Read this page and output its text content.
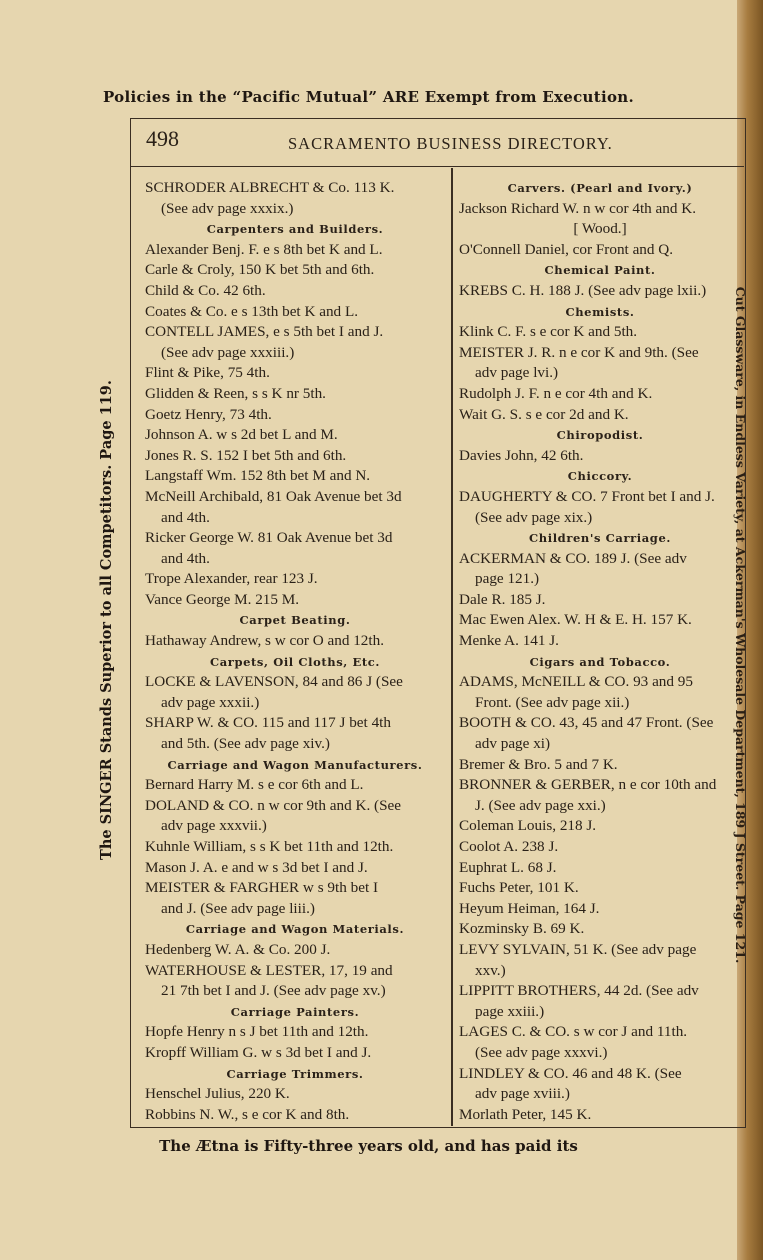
Policies in the “Pacific Mutual” ARE Exempt from Execution.
The SINGER Stands Superior to all Competitors. Page 119.	Cut Glassware, in Endless Variety, at Ackerman's Wholesale Department, 189 J Street. Page 121.
498	SACRAMENTO BUSINESS DIRECTORY.

SCHRODER ALBRECHT & Co. 113 K.

(See adv page xxxix.)

Carpenters and Builders.

Alexander Benj. F. e s 8th bet K and L.

Carle & Croly, 150 K bet 5th and 6th.

Child & Co. 42 6th.

Coates & Co. e s 13th bet K and L.

CONTELL JAMES, e s 5th bet I and J.

(See adv page xxxiii.)

Flint & Pike, 75 4th.

Glidden & Reen, s s K nr 5th.

Goetz Henry, 73 4th.

Johnson A. w s 2d bet L and M.

Jones R. S. 152 I bet 5th and 6th.

Langstaff Wm. 152 8th bet M and N.

McNeill Archibald, 81 Oak Avenue bet 3d

and 4th.

Ricker George W. 81 Oak Avenue bet 3d

and 4th.

Trope Alexander, rear 123 J.

Vance George M. 215 M.

Carpet Beating.

Hathaway Andrew, s w cor O and 12th.

Carpets, Oil Cloths, Etc.

LOCKE & LAVENSON, 84 and 86 J (See

adv page xxxii.)

SHARP W. & CO. 115 and 117 J bet 4th

and 5th. (See adv page xiv.)

Carriage and Wagon Manufacturers.

Bernard Harry M. s e cor 6th and L.

DOLAND & CO. n w cor 9th and K. (See

adv page xxxvii.)

Kuhnle William, s s K bet 11th and 12th.

Mason J. A. e and w s 3d bet I and J.

MEISTER & FARGHER w s 9th bet I

and J. (See adv page liii.)

Carriage and Wagon Materials.

Hedenberg W. A. & Co. 200 J.

WATERHOUSE & LESTER, 17, 19 and

21 7th bet I and J. (See adv page xv.)

Carriage Painters.

Hopfe Henry n s J bet 11th and 12th.

Kropff William G. w s 3d bet I and J.

Carriage Trimmers.

Henschel Julius, 220 K.

Robbins N. W., s e cor K and 8th.

Carvers. (Pearl and Ivory.)

Jackson Richard W. n w cor 4th and K.

[ Wood.]

O'Connell Daniel, cor Front and Q.

Chemical Paint.

KREBS C. H. 188 J. (See adv page lxii.)

Chemists.

Klink C. F. s e cor K and 5th.

MEISTER J. R. n e cor K and 9th. (See

adv page lvi.)

Rudolph J. F. n e cor 4th and K.

Wait G. S. s e cor 2d and K.

Chiropodist.

Davies John, 42 6th.

Chiccory.

DAUGHERTY & CO. 7 Front bet I and J.

(See adv page xix.)

Children's Carriage.

ACKERMAN & CO. 189 J. (See adv

page 121.)

Dale R. 185 J.

Mac Ewen Alex. W. H & E. H. 157 K.

Menke A. 141 J.

Cigars and Tobacco.

ADAMS, McNEILL & CO. 93 and 95

Front. (See adv page xii.)

BOOTH & CO. 43, 45 and 47 Front. (See

adv page xi)

Bremer & Bro. 5 and 7 K.

BRONNER & GERBER, n e cor 10th and

J. (See adv page xxi.)

Coleman Louis, 218 J.

Coolot A. 238 J.

Euphrat L. 68 J.

Fuchs Peter, 101 K.

Heyum Heiman, 164 J.

Kozminsky B. 69 K.

LEVY SYLVAIN, 51 K. (See adv page

xxv.)

LIPPITT BROTHERS, 44 2d. (See adv

page xxiii.)

LAGES C. & CO. s w cor J and 11th.

(See adv page xxxvi.)

LINDLEY & CO. 46 and 48 K. (See

adv page xviii.)

Morlath Peter, 145 K.

The Ætna is Fifty-three years old, and has paid its
